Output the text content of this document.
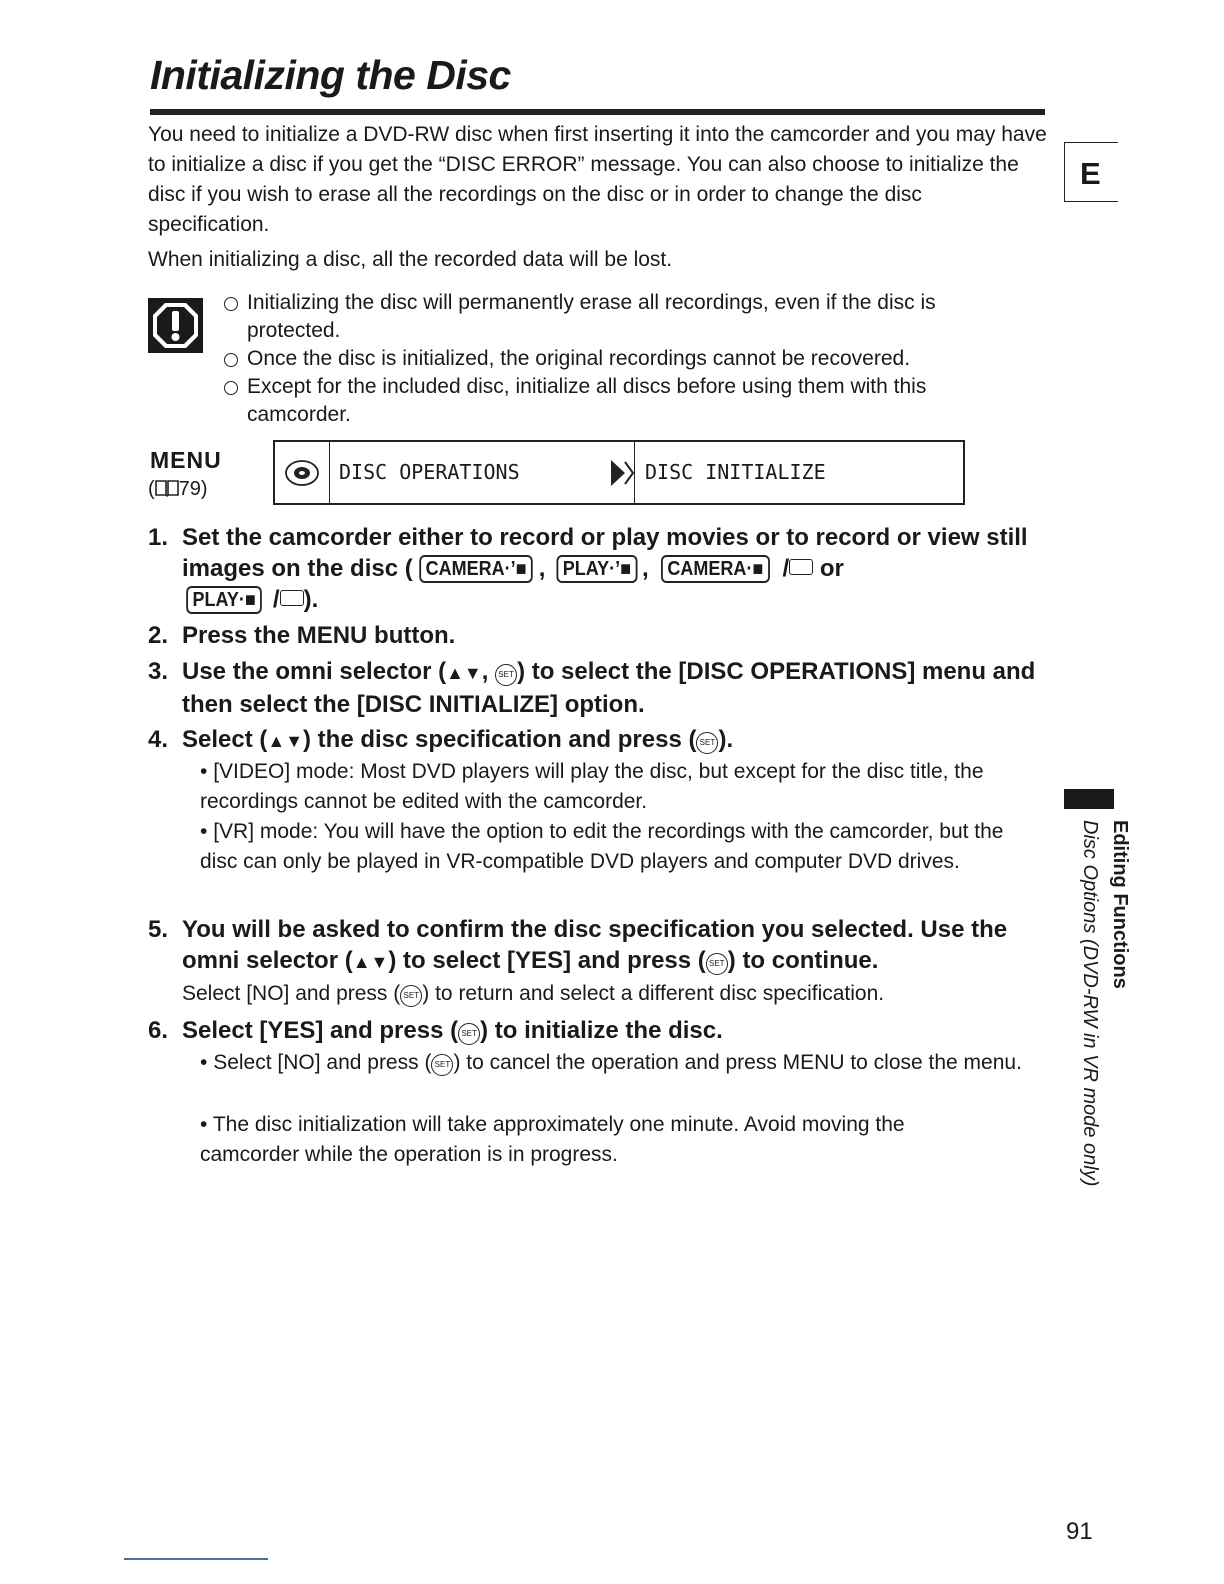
Initializing the Disc
E

You need to initialize a DVD-RW disc when first inserting it into the camcorder and you may have to initialize a disc if you get the “DISC ERROR” message. You can also choose to initialize the disc if you wish to erase all the recordings on the disc or in order to change the disc specification.

When initializing a disc, all the recorded data will be lost.

Initializing the disc will permanently erase all recordings, even if the disc is protected.
Once the disc is initialized, the original recordings cannot be recovered.
Except for the included disc, initialize all discs before using them with this camcorder.
MENU
( 79)
DISC OPERATIONS	DISC INITIALIZE
1. Set the camcorder either to record or play movies or to record or view still images on the disc ( CAMERA·’■ , PLAY·’■ , CAMERA·■ / or
PLAY·■ / ).
2. Press the MENU button.
3. Use the omni selector (▲▼, SET ) to select the [DISC OPERATIONS] menu and then select the [DISC INITIALIZE] option.
4. Select (▲▼) the disc specification and press ( SET ).
• [VIDEO] mode: Most DVD players will play the disc, but except for the disc title, the recordings cannot be edited with the camcorder.
• [VR] mode: You will have the option to edit the recordings with the camcorder, but the disc can only be played in VR-compatible DVD players and computer DVD drives.
5. You will be asked to confirm the disc specification you selected. Use the omni selector (▲▼) to select [YES] and press ( SET ) to continue.
Select [NO] and press ( SET ) to return and select a different disc specification.
6. Select [YES] and press ( SET ) to initialize the disc.
• Select [NO] and press ( SET ) to cancel the operation and press MENU to close the menu.
• The disc initialization will take approximately one minute. Avoid moving the camcorder while the operation is in progress.
Editing Functions
Disc Options (DVD-RW in VR mode only)
91
